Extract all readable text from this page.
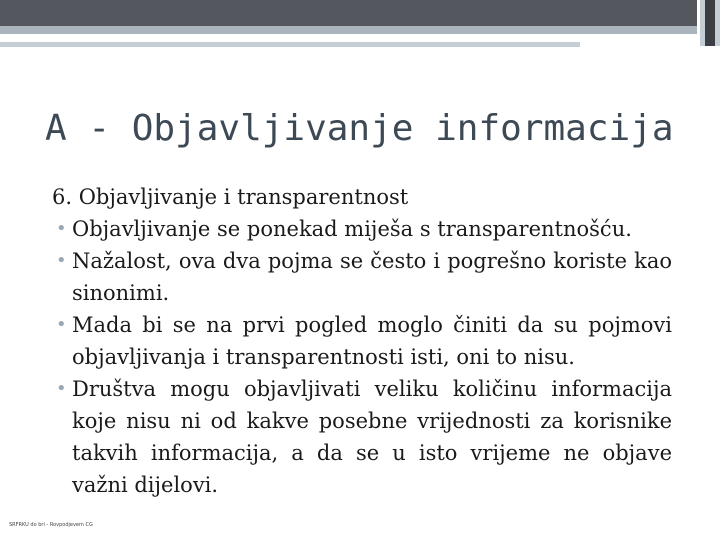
A - Objavljivanje informacija

6. Objavljivanje i transparentnost

• Objavljivanje se ponekad miješa s transparentnošću.
• Nažalost, ova dva pojma se često i pogrešno koriste kao sinonimi.
• Mada bi se na prvi pogled moglo činiti da su pojmovi objavljivanja i transparentnosti isti, oni to nisu.
• Društva mogu objavljivati veliku količinu informacija koje nisu ni od kakve posebne vrijednosti za korisnike takvih informacija, a da se u isto vrijeme ne objave važni dijelovi.
SRFRKU do bri - Rovpodjevem CG
